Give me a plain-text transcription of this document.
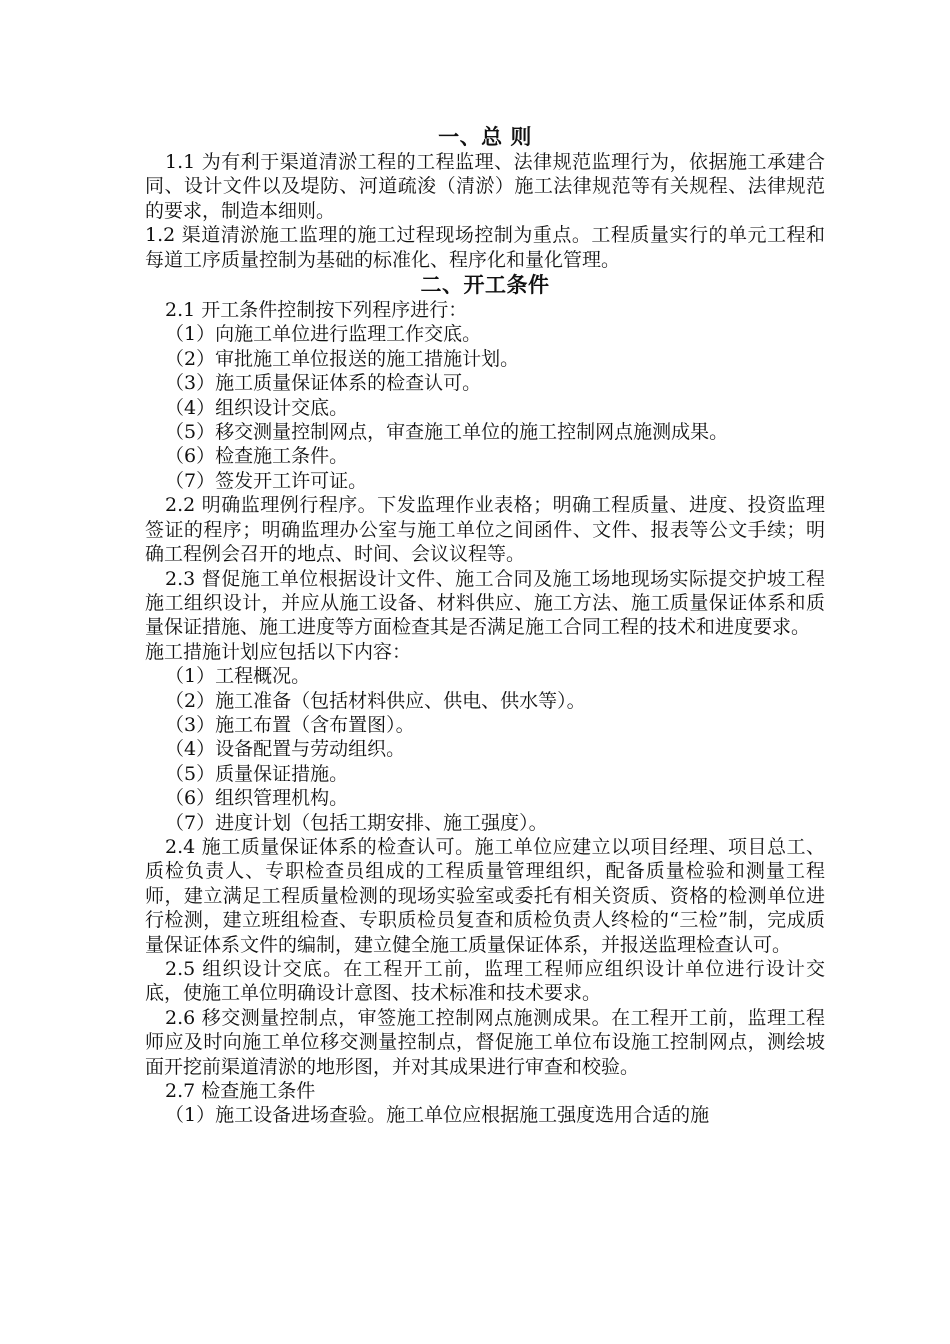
一、总 则

1.1 为有利于渠道清淤工程的工程监理、法律规范监理行为，依据施工承建合同、设计文件以及堤防、河道疏浚（清淤）施工法律规范等有关规程、法律规范的要求，制造本细则。

1.2 渠道清淤施工监理的施工过程现场控制为重点。工程质量实行的单元工程和每道工序质量控制为基础的标准化、程序化和量化管理。

二、开工条件

2.1 开工条件控制按下列程序进行：

（1）向施工单位进行监理工作交底。

（2）审批施工单位报送的施工措施计划。

（3）施工质量保证体系的检查认可。

（4）组织设计交底。

（5）移交测量控制网点，审查施工单位的施工控制网点施测成果。

（6）检查施工条件。

（7）签发开工许可证。

2.2 明确监理例行程序。下发监理作业表格；明确工程质量、进度、投资监理签证的程序；明确监理办公室与施工单位之间函件、文件、报表等公文手续；明确工程例会召开的地点、时间、会议议程等。

2.3 督促施工单位根据设计文件、施工合同及施工场地现场实际提交护坡工程施工组织设计，并应从施工设备、材料供应、施工方法、施工质量保证体系和质量保证措施、施工进度等方面检查其是否满足施工合同工程的技术和进度要求。

施工措施计划应包括以下内容：

（1）工程概况。

（2）施工准备（包括材料供应、供电、供水等）。

（3）施工布置（含布置图）。

（4）设备配置与劳动组织。

（5）质量保证措施。

（6）组织管理机构。

（7）进度计划（包括工期安排、施工强度）。

2.4 施工质量保证体系的检查认可。施工单位应建立以项目经理、项目总工、质检负责人、专职检查员组成的工程质量管理组织，配备质量检验和测量工程师，建立满足工程质量检测的现场实验室或委托有相关资质、资格的检测单位进行检测，建立班组检查、专职质检员复查和质检负责人终检的“三检”制，完成质量保证体系文件的编制，建立健全施工质量保证体系，并报送监理检查认可。

2.5 组织设计交底。在工程开工前，监理工程师应组织设计单位进行设计交底，使施工单位明确设计意图、技术标准和技术要求。

2.6 移交测量控制点，审签施工控制网点施测成果。在工程开工前，监理工程师应及时向施工单位移交测量控制点，督促施工单位布设施工控制网点，测绘坡面开挖前渠道清淤的地形图，并对其成果进行审查和校验。

2.7 检查施工条件

（1）施工设备进场查验。施工单位应根据施工强度选用合适的施
